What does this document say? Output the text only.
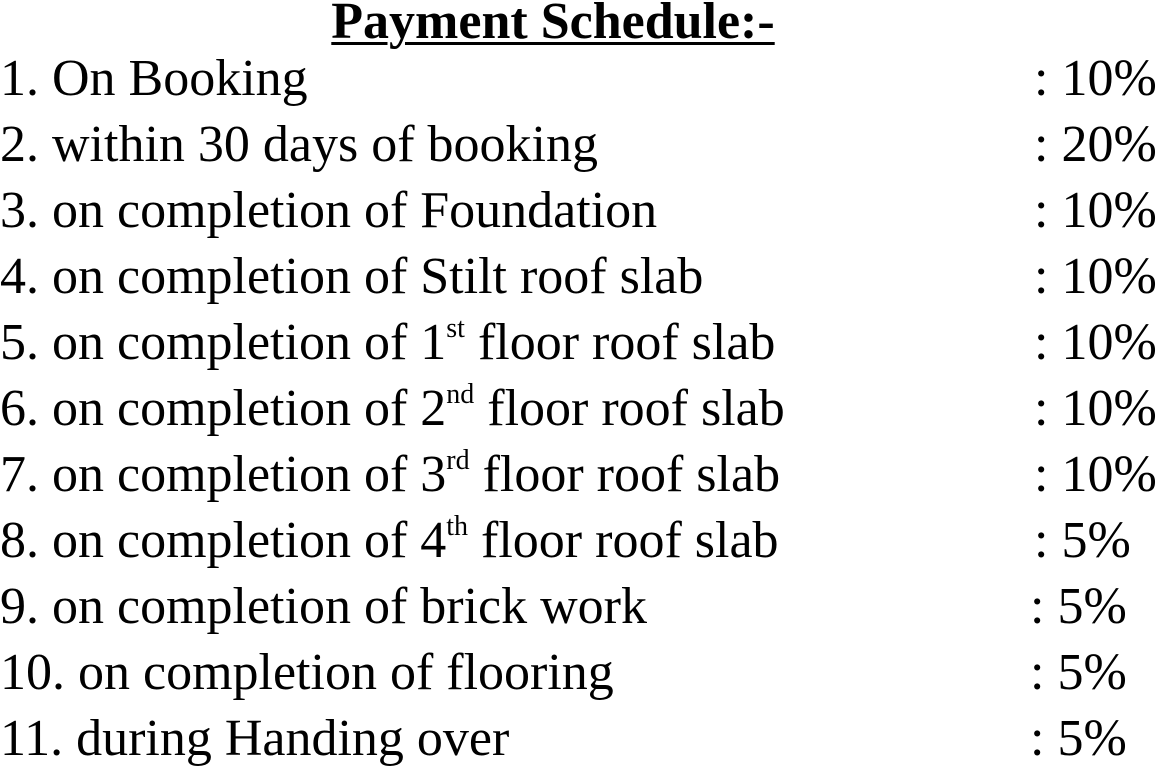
Payment Schedule:-
1. On Booking	: 10%
2. within 30 days of booking	: 20%
3. on completion of Foundation	: 10%
4. on completion of Stilt roof slab	: 10%
5. on completion of 1st floor roof slab	: 10%
6. on completion of 2nd floor roof slab	: 10%
7. on completion of 3rd floor roof slab	: 10%
8. on completion of 4th floor roof slab	: 5%
9. on completion of brick work	: 5%
10. on completion of flooring	: 5%
11. during Handing over	: 5%
